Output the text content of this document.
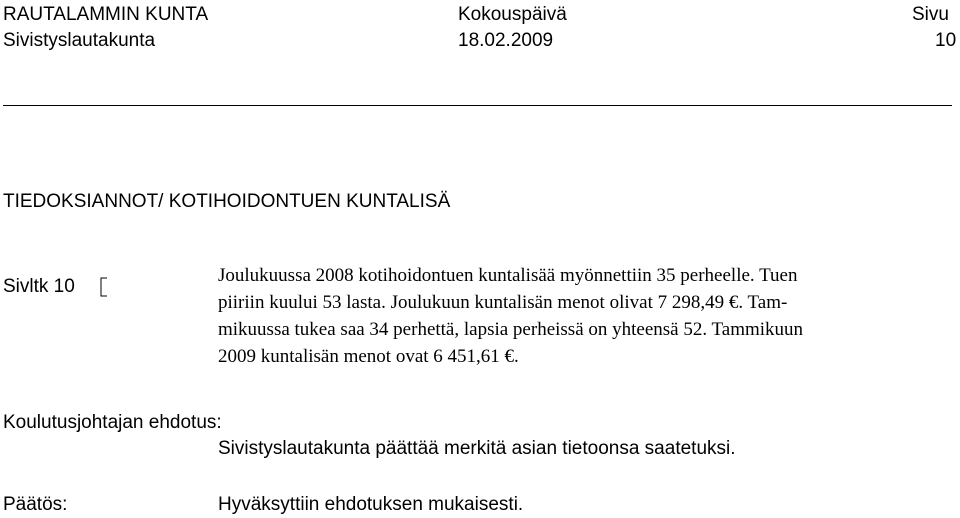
RAUTALAMMIN KUNTA	Kokouspäivä	Sivu
Sivistyslautakunta	18.02.2009	10
TIEDOKSIANNOT/ KOTIHOIDONTUEN KUNTALISÄ
Sivltk 10
Joulukuussa 2008 kotihoidontuen kuntalisää myönnettiin 35 perheelle. Tuen
piiriin kuului 53 lasta. Joulukuun kuntalisän menot olivat 7 298,49 €. Tam-
mikuussa tukea saa 34 perhettä, lapsia perheissä on yhteensä 52. Tammikuun
2009 kuntalisän menot ovat 6 451,61 €.
Koulutusjohtajan ehdotus:
Sivistyslautakunta päättää merkitä asian tietoonsa saatetuksi.
Päätös:	Hyväksyttiin ehdotuksen mukaisesti.
